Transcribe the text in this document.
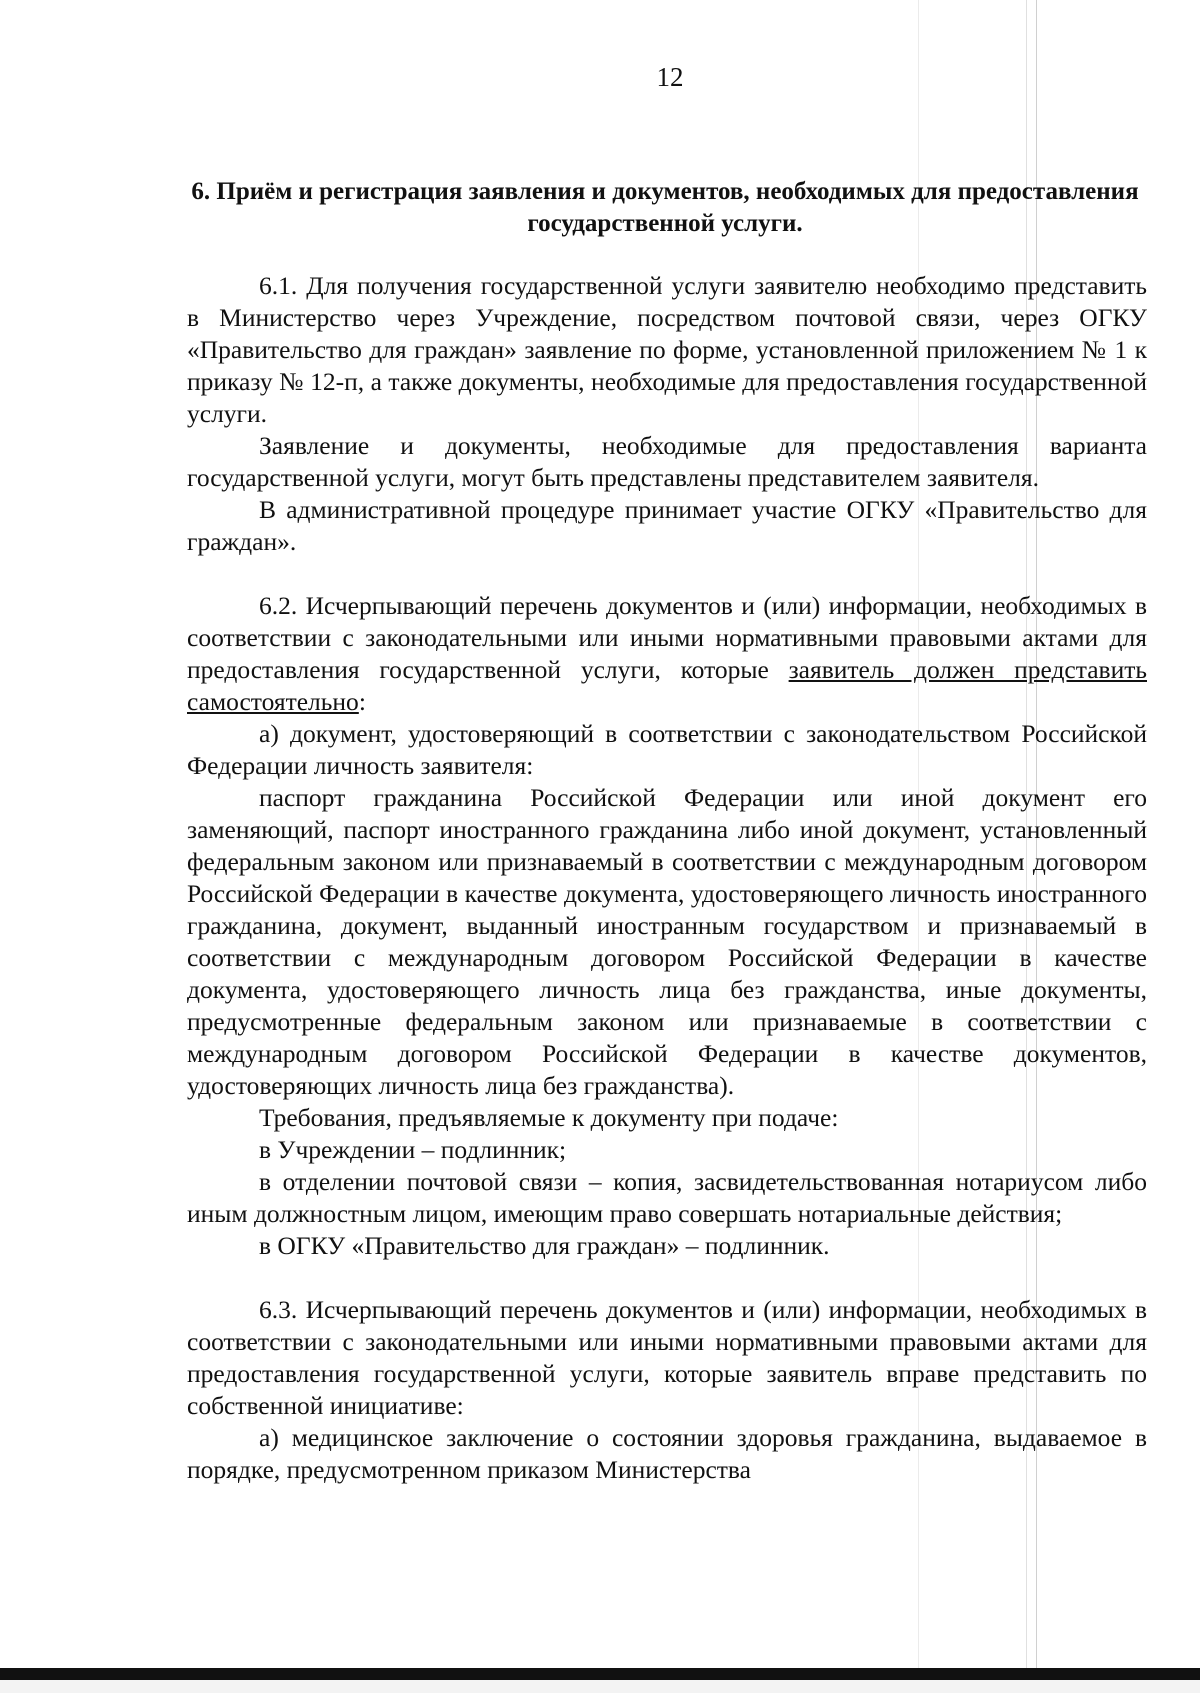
12
6. Приём и регистрация заявления и документов, необходимых для предоставления государственной услуги.

6.1. Для получения государственной услуги заявителю необходимо представить в Министерство через Учреждение, посредством почтовой связи, через ОГКУ «Правительство для граждан» заявление по форме, установленной приложением № 1 к приказу № 12-п, а также документы, необходимые для предоставления государственной услуги.

Заявление и документы, необходимые для предоставления варианта государственной услуги, могут быть представлены представителем заявителя.

В административной процедуре принимает участие ОГКУ «Правительство для граждан».

6.2. Исчерпывающий перечень документов и (или) информации, необходимых в соответствии с законодательными или иными нормативными правовыми актами для предоставления государственной услуги, которые заявитель должен представить самостоятельно:

а) документ, удостоверяющий в соответствии с законодательством Российской Федерации личность заявителя:

паспорт гражданина Российской Федерации или иной документ его заменяющий, паспорт иностранного гражданина либо иной документ, установленный федеральным законом или признаваемый в соответствии с международным договором Российской Федерации в качестве документа, удостоверяющего личность иностранного гражданина, документ, выданный иностранным государством и признаваемый в соответствии с международным договором Российской Федерации в качестве документа, удостоверяющего личность лица без гражданства, иные документы, предусмотренные федеральным законом или признаваемые в соответствии с международным договором Российской Федерации в качестве документов, удостоверяющих личность лица без гражданства).

Требования, предъявляемые к документу при подаче:

в Учреждении – подлинник;

в отделении почтовой связи – копия, засвидетельствованная нотариусом либо иным должностным лицом, имеющим право совершать нотариальные действия;

в ОГКУ «Правительство для граждан» – подлинник.

6.3. Исчерпывающий перечень документов и (или) информации, необходимых в соответствии с законодательными или иными нормативными правовыми актами для предоставления государственной услуги, которые заявитель вправе представить по собственной инициативе:

а) медицинское заключение о состоянии здоровья гражданина, выдаваемое в порядке, предусмотренном приказом Министерства
